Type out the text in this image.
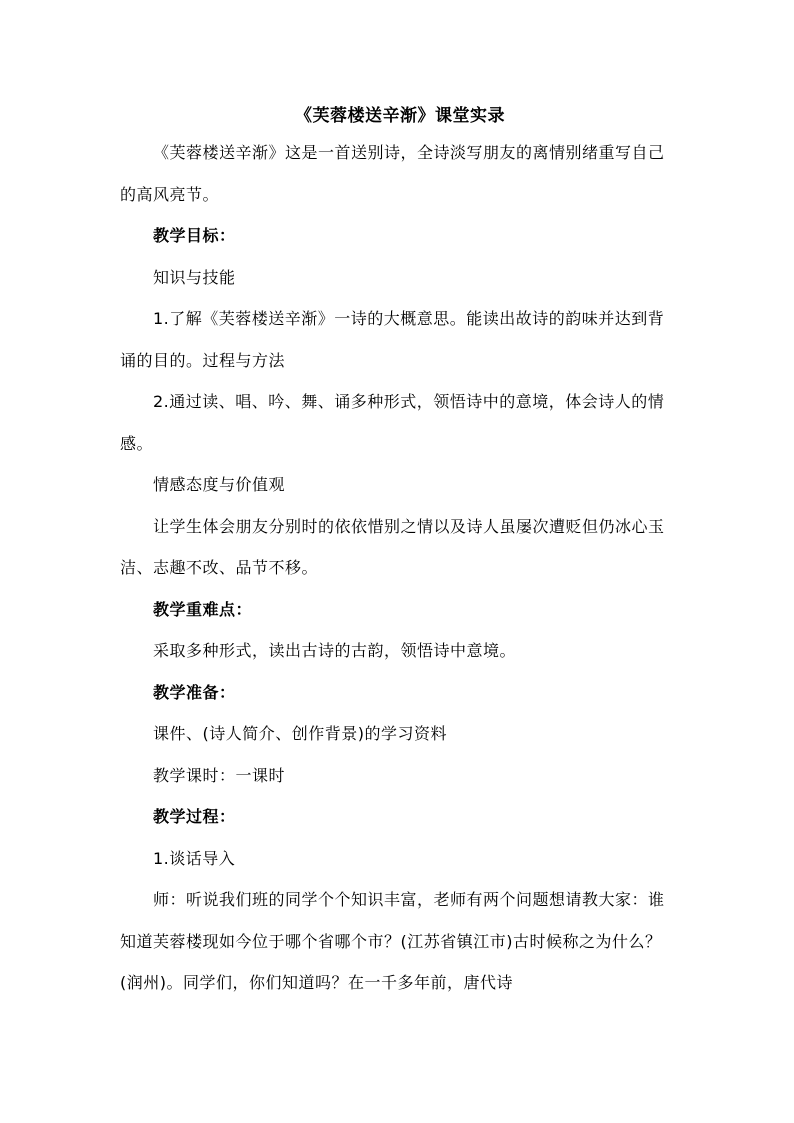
《芙蓉楼送辛渐》课堂实录

《芙蓉楼送辛渐》这是一首送别诗，全诗淡写朋友的离情别绪重写自己的高风亮节。

教学目标：

知识与技能

1.了解《芙蓉楼送辛渐》一诗的大概意思。能读出故诗的韵味并达到背诵的目的。过程与方法

2.通过读、唱、吟、舞、诵多种形式，领悟诗中的意境，体会诗人的情感。

情感态度与价值观

让学生体会朋友分别时的依依惜别之情以及诗人虽屡次遭贬但仍冰心玉洁、志趣不改、品节不移。

教学重难点：

采取多种形式，读出古诗的古韵，领悟诗中意境。

教学准备：

课件、(诗人简介、创作背景)的学习资料

教学课时：一课时

教学过程：

1.谈话导入

师：听说我们班的同学个个知识丰富，老师有两个问题想请教大家：谁知道芙蓉楼现如今位于哪个省哪个市？(江苏省镇江市)古时候称之为什么？(润州)。同学们，你们知道吗？在一千多年前，唐代诗
